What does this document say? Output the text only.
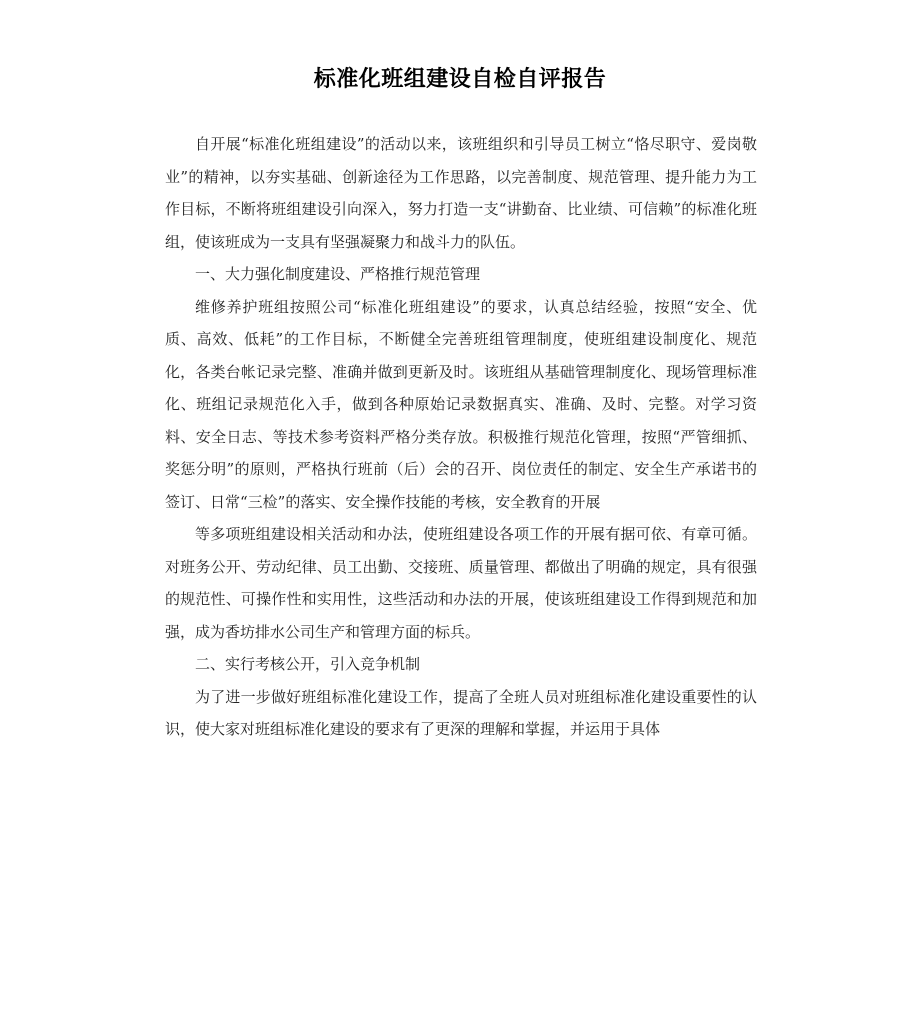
标准化班组建设自检自评报告

自开展“标准化班组建设”的活动以来，该班组织和引导员工树立“恪尽职守、爱岗敬业”的精神，以夯实基础、创新途径为工作思路，以完善制度、规范管理、提升能力为工作目标，不断将班组建设引向深入，努力打造一支“讲勤奋、比业绩、可信赖”的标准化班组，使该班成为一支具有坚强凝聚力和战斗力的队伍。

一、大力强化制度建设、严格推行规范管理

维修养护班组按照公司“标准化班组建设”的要求，认真总结经验，按照“安全、优质、高效、低耗”的工作目标，不断健全完善班组管理制度，使班组建设制度化、规范化，各类台帐记录完整、准确并做到更新及时。该班组从基础管理制度化、现场管理标准化、班组记录规范化入手，做到各种原始记录数据真实、准确、及时、完整。对学习资料、安全日志、等技术参考资料严格分类存放。积极推行规范化管理，按照“严管细抓、奖惩分明”的原则，严格执行班前（后）会的召开、岗位责任的制定、安全生产承诺书的签订、日常“三检”的落实、安全操作技能的考核，安全教育的开展

等多项班组建设相关活动和办法，使班组建设各项工作的开展有据可依、有章可循。对班务公开、劳动纪律、员工出勤、交接班、质量管理、都做出了明确的规定，具有很强的规范性、可操作性和实用性，这些活动和办法的开展，使该班组建设工作得到规范和加强，成为香坊排水公司生产和管理方面的标兵。

二、实行考核公开，引入竞争机制

为了进一步做好班组标准化建设工作，提高了全班人员对班组标准化建设重要性的认识，使大家对班组标准化建设的要求有了更深的理解和掌握，并运用于具体
